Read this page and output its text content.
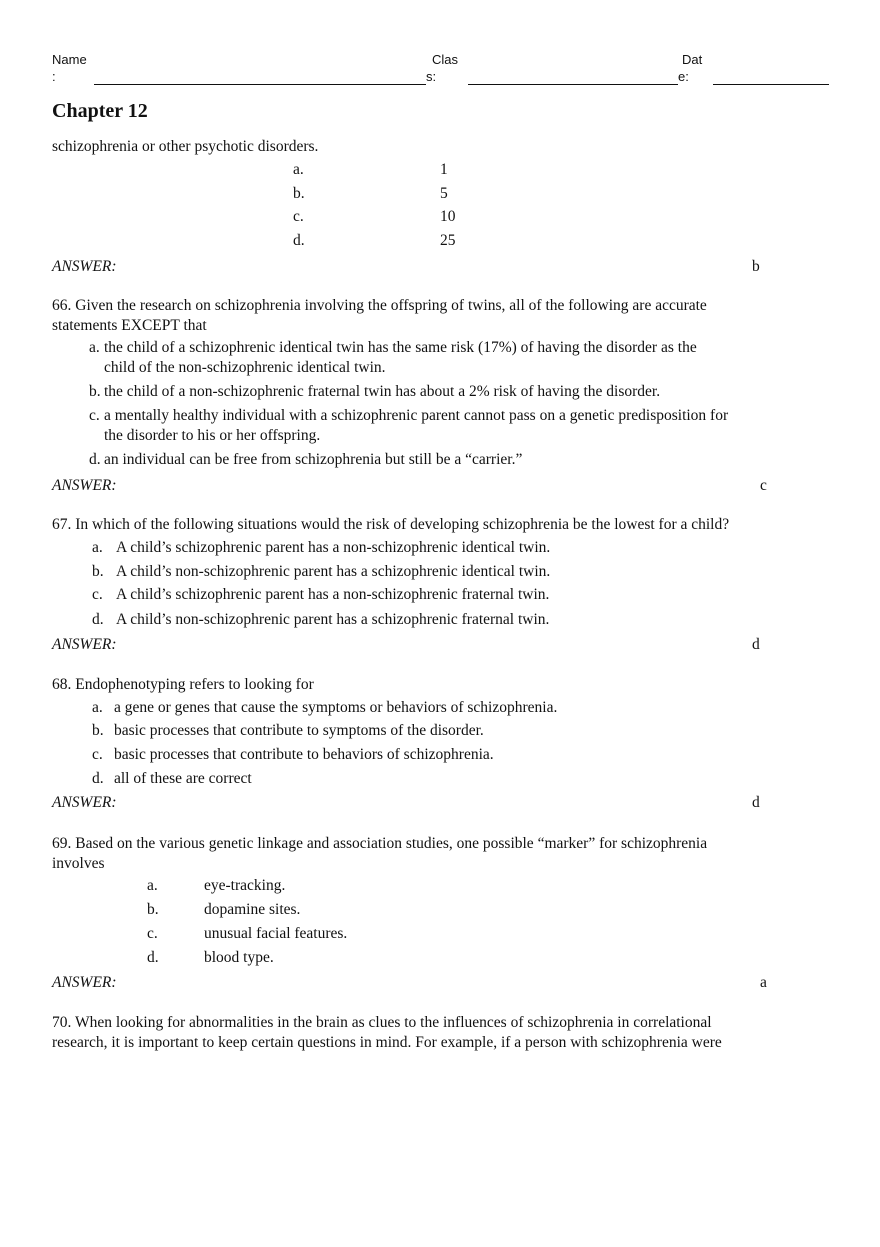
Name
:
Clas
s:
Dat
e:
Chapter 12
schizophrenia or other psychotic disorders.
a.	1
b.	5
c.	10
d.	25
ANSWER:	b
66. Given the research on schizophrenia involving the offspring of twins, all of the following are accurate
statements EXCEPT that
a. the child of a schizophrenic identical twin has the same risk (17%) of having the disorder as the
child of the non-schizophrenic identical twin.
b. the child of a non-schizophrenic fraternal twin has about a 2% risk of having the disorder.
c. a mentally healthy individual with a schizophrenic parent cannot pass on a genetic predisposition for
the disorder to his or her offspring.
d. an individual can be free from schizophrenia but still be a “carrier.”
ANSWER:	c
67. In which of the following situations would the risk of developing schizophrenia be the lowest for a child?
a. A child’s schizophrenic parent has a non-schizophrenic identical twin.
b. A child’s non-schizophrenic parent has a schizophrenic identical twin.
c. A child’s schizophrenic parent has a non-schizophrenic fraternal twin.
d. A child’s non-schizophrenic parent has a schizophrenic fraternal twin.
ANSWER:	d
68. Endophenotyping refers to looking for
a. a gene or genes that cause the symptoms or behaviors of schizophrenia.
b. basic processes that contribute to symptoms of the disorder.
c. basic processes that contribute to behaviors of schizophrenia.
d. all of these are correct
ANSWER:	d
69. Based on the various genetic linkage and association studies, one possible “marker” for schizophrenia
involves
a.	eye-tracking.
b.	dopamine sites.
c.	unusual facial features.
d.	blood type.
ANSWER:	a
70. When looking for abnormalities in the brain as clues to the influences of schizophrenia in correlational
research, it is important to keep certain questions in mind. For example, if a person with schizophrenia were
